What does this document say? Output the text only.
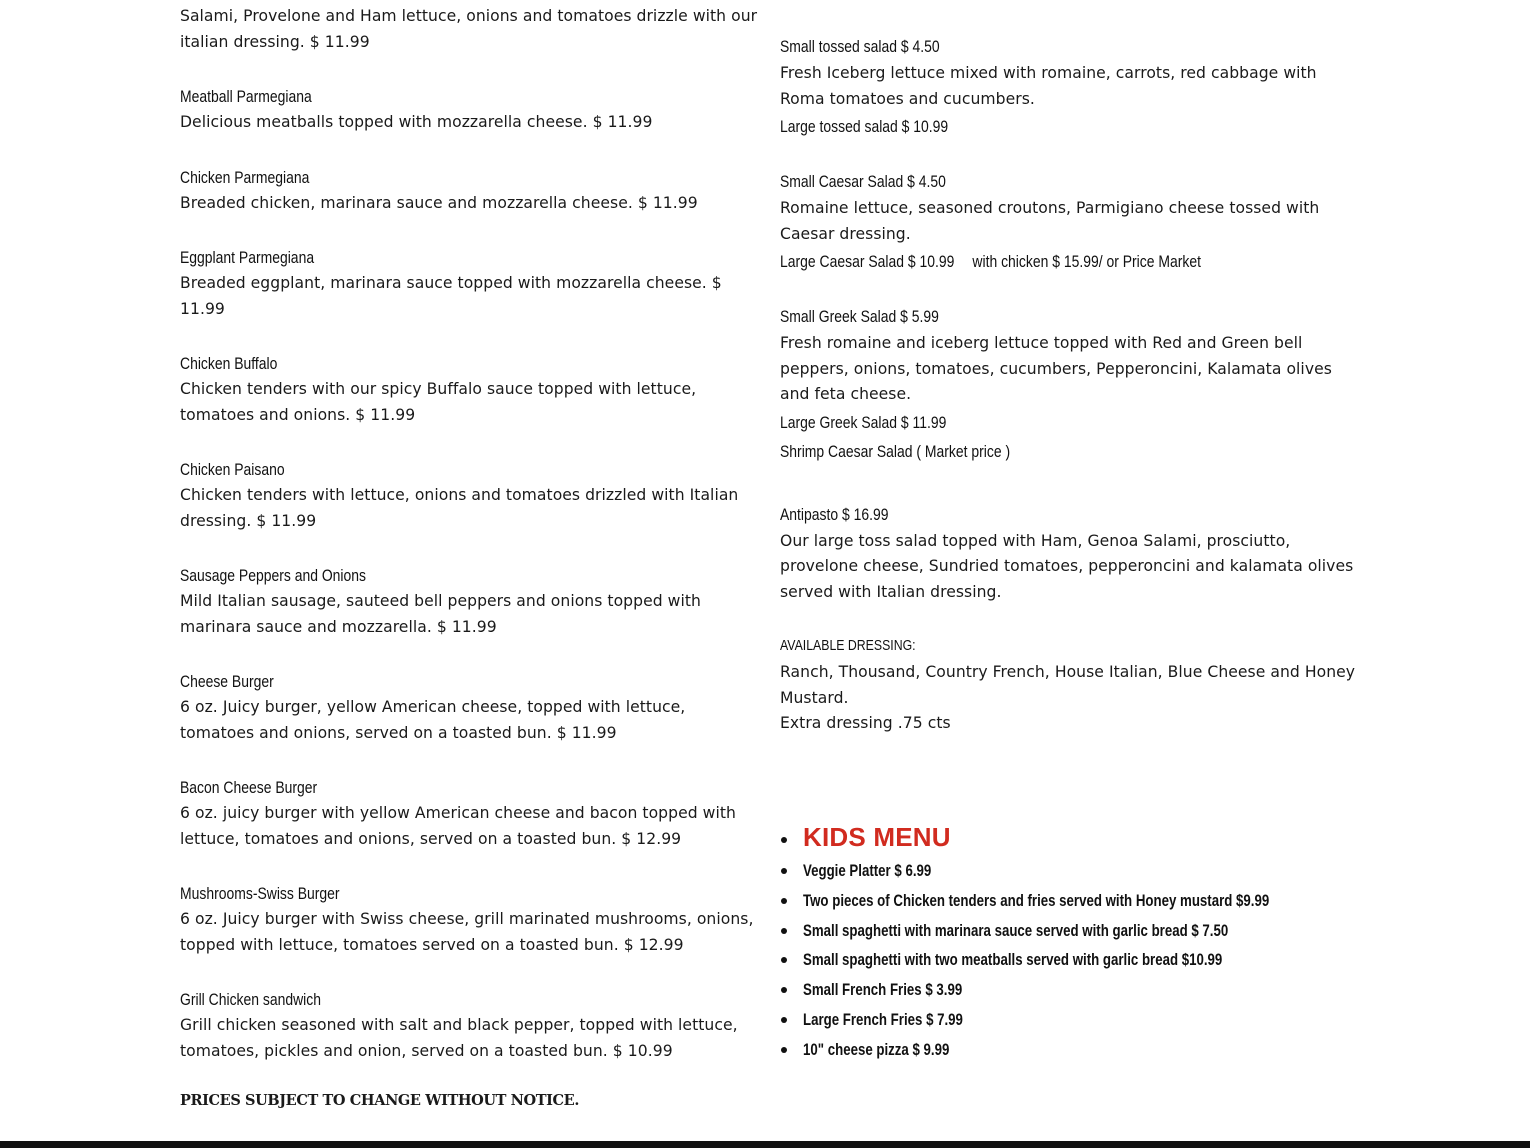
Salami, Provelone and Ham lettuce, onions and tomatoes drizzle with our italian dressing. $ 11.99
Meatball Parmegiana
Delicious meatballs topped with mozzarella cheese. $ 11.99
Chicken Parmegiana
Breaded chicken, marinara sauce and mozzarella cheese. $ 11.99
Eggplant Parmegiana
Breaded eggplant, marinara sauce topped with mozzarella cheese. $ 11.99
Chicken Buffalo
Chicken tenders with our spicy Buffalo sauce topped with lettuce, tomatoes and onions. $ 11.99
Chicken Paisano
Chicken tenders with lettuce, onions and tomatoes drizzled with Italian dressing. $ 11.99
Sausage Peppers and Onions
Mild Italian sausage, sauteed bell peppers and onions topped with marinara sauce and mozzarella. $ 11.99
Cheese Burger
6 oz. Juicy burger, yellow American cheese, topped with lettuce, tomatoes and onions, served on a toasted bun. $ 11.99
Bacon Cheese Burger
6 oz. juicy burger with yellow American cheese and bacon topped with lettuce, tomatoes and onions, served on a toasted bun. $ 12.99
Mushrooms-Swiss Burger
6 oz. Juicy burger with Swiss cheese, grill marinated mushrooms, onions, topped with lettuce, tomatoes served on a toasted bun. $ 12.99
Grill Chicken sandwich
Grill chicken seasoned with salt and black pepper, topped with lettuce, tomatoes, pickles and onion, served on a toasted bun. $ 10.99
PRICES SUBJECT TO CHANGE WITHOUT NOTICE.
Small tossed salad $ 4.50
Fresh Iceberg lettuce mixed with romaine, carrots, red cabbage with Roma tomatoes and cucumbers.
Large tossed salad $ 10.99
Small Caesar Salad $ 4.50
Romaine lettuce, seasoned croutons, Parmigiano cheese tossed with Caesar dressing.
Large Caesar Salad $ 10.99 with chicken $ 15.99/ or Price Market
Small Greek Salad $ 5.99
Fresh romaine and iceberg lettuce topped with Red and Green bell peppers, onions, tomatoes, cucumbers, Pepperoncini, Kalamata olives and feta cheese.
Large Greek Salad $ 11.99
Shrimp Caesar Salad ( Market price )
Antipasto $ 16.99
Our large toss salad topped with Ham, Genoa Salami, prosciutto, provelone cheese, Sundried tomatoes, pepperoncini and kalamata olives served with Italian dressing.
AVAILABLE DRESSING:
Ranch, Thousand, Country French, House Italian, Blue Cheese and Honey Mustard.
Extra dressing .75 cts
KIDS MENU
Veggie Platter $ 6.99
Two pieces of Chicken tenders and fries served with Honey mustard $9.99
Small spaghetti with marinara sauce served with garlic bread $ 7.50
Small spaghetti with two meatballs served with garlic bread $10.99
Small French Fries $ 3.99
Large French Fries $ 7.99
10" cheese pizza $ 9.99
